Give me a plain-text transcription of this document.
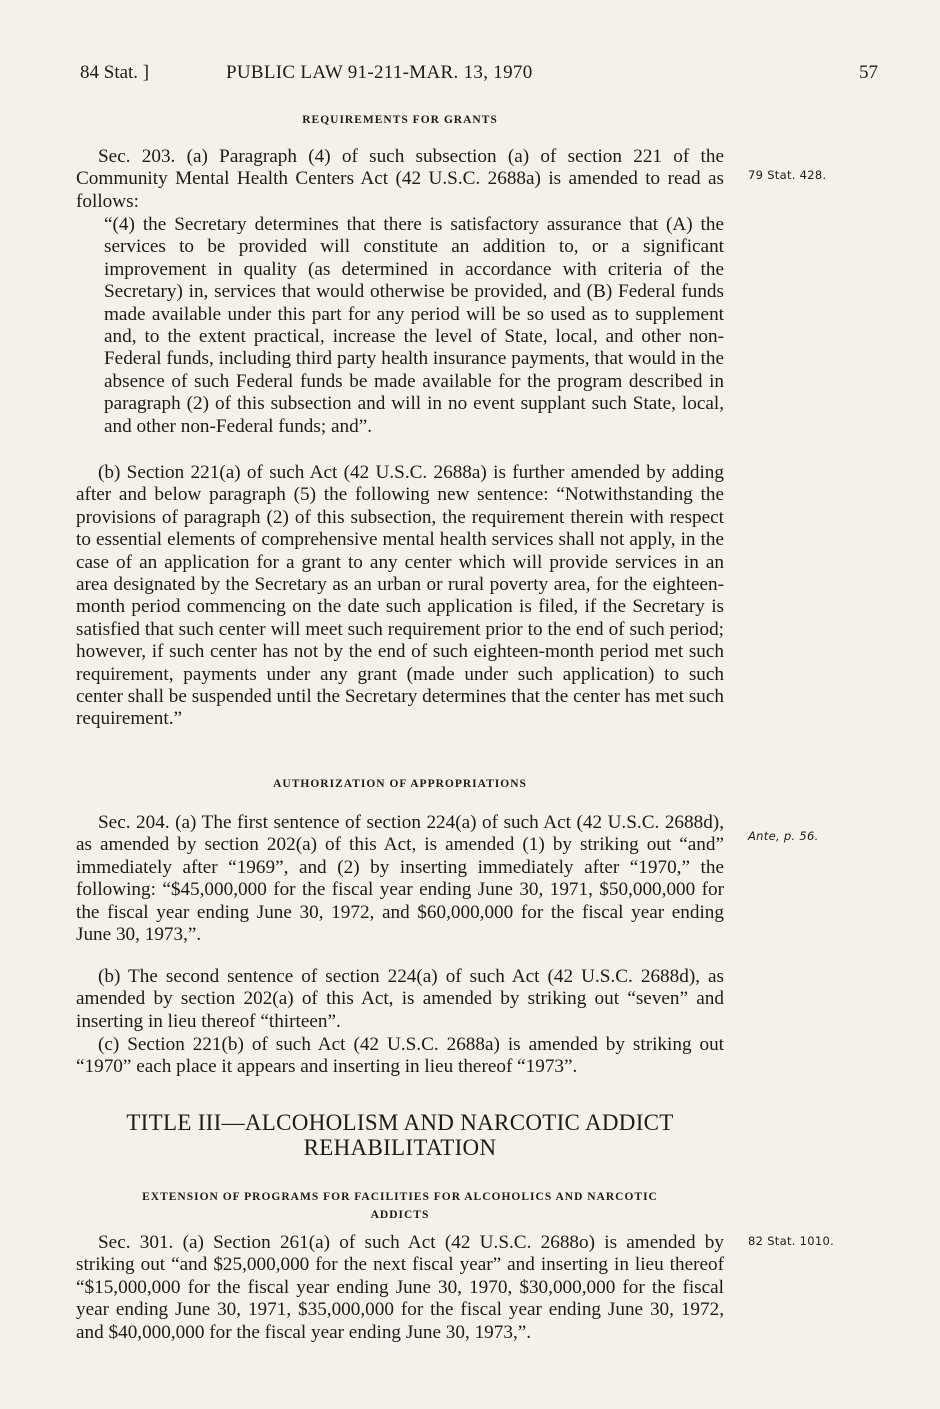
84 Stat. ]	PUBLIC LAW 91-211-MAR. 13, 1970	57
REQUIREMENTS FOR GRANTS

Sec. 203. (a) Paragraph (4) of such subsection (a) of section 221 of the Community Mental Health Centers Act (42 U.S.C. 2688a) is amended to read as follows:

“(4) the Secretary determines that there is satisfactory assurance that (A) the services to be provided will constitute an addition to, or a significant improvement in quality (as determined in accordance with criteria of the Secretary) in, services that would otherwise be provided, and (B) Federal funds made available under this part for any period will be so used as to supplement and, to the extent practical, increase the level of State, local, and other non-Federal funds, including third party health insurance payments, that would in the absence of such Federal funds be made available for the program described in paragraph (2) of this subsection and will in no event supplant such State, local, and other non-Federal funds; and”.

(b) Section 221(a) of such Act (42 U.S.C. 2688a) is further amended by adding after and below paragraph (5) the following new sentence: “Notwithstanding the provisions of paragraph (2) of this subsection, the requirement therein with respect to essential elements of comprehensive mental health services shall not apply, in the case of an application for a grant to any center which will provide services in an area designated by the Secretary as an urban or rural poverty area, for the eighteen-month period commencing on the date such application is filed, if the Secretary is satisfied that such center will meet such requirement prior to the end of such period; however, if such center has not by the end of such eighteen-month period met such requirement, payments under any grant (made under such application) to such center shall be suspended until the Secretary determines that the center has met such requirement.”

AUTHORIZATION OF APPROPRIATIONS

Sec. 204. (a) The first sentence of section 224(a) of such Act (42 U.S.C. 2688d), as amended by section 202(a) of this Act, is amended (1) by striking out “and” immediately after “1969”, and (2) by inserting immediately after “1970,” the following: “$45,000,000 for the fiscal year ending June 30, 1971, $50,000,000 for the fiscal year ending June 30, 1972, and $60,000,000 for the fiscal year ending June 30, 1973,”.

(b) The second sentence of section 224(a) of such Act (42 U.S.C. 2688d), as amended by section 202(a) of this Act, is amended by striking out “seven” and inserting in lieu thereof “thirteen”.

(c) Section 221(b) of such Act (42 U.S.C. 2688a) is amended by striking out “1970” each place it appears and inserting in lieu thereof “1973”.

TITLE III—ALCOHOLISM AND NARCOTIC ADDICT REHABILITATION
EXTENSION OF PROGRAMS FOR FACILITIES FOR ALCOHOLICS AND NARCOTIC ADDICTS

Sec. 301. (a) Section 261(a) of such Act (42 U.S.C. 2688o) is amended by striking out “and $25,000,000 for the next fiscal year” and inserting in lieu thereof “$15,000,000 for the fiscal year ending June 30, 1970, $30,000,000 for the fiscal year ending June 30, 1971, $35,000,000 for the fiscal year ending June 30, 1972, and $40,000,000 for the fiscal year ending June 30, 1973,”.

79 Stat. 428.
Ante, p. 56.
82 Stat. 1010.
